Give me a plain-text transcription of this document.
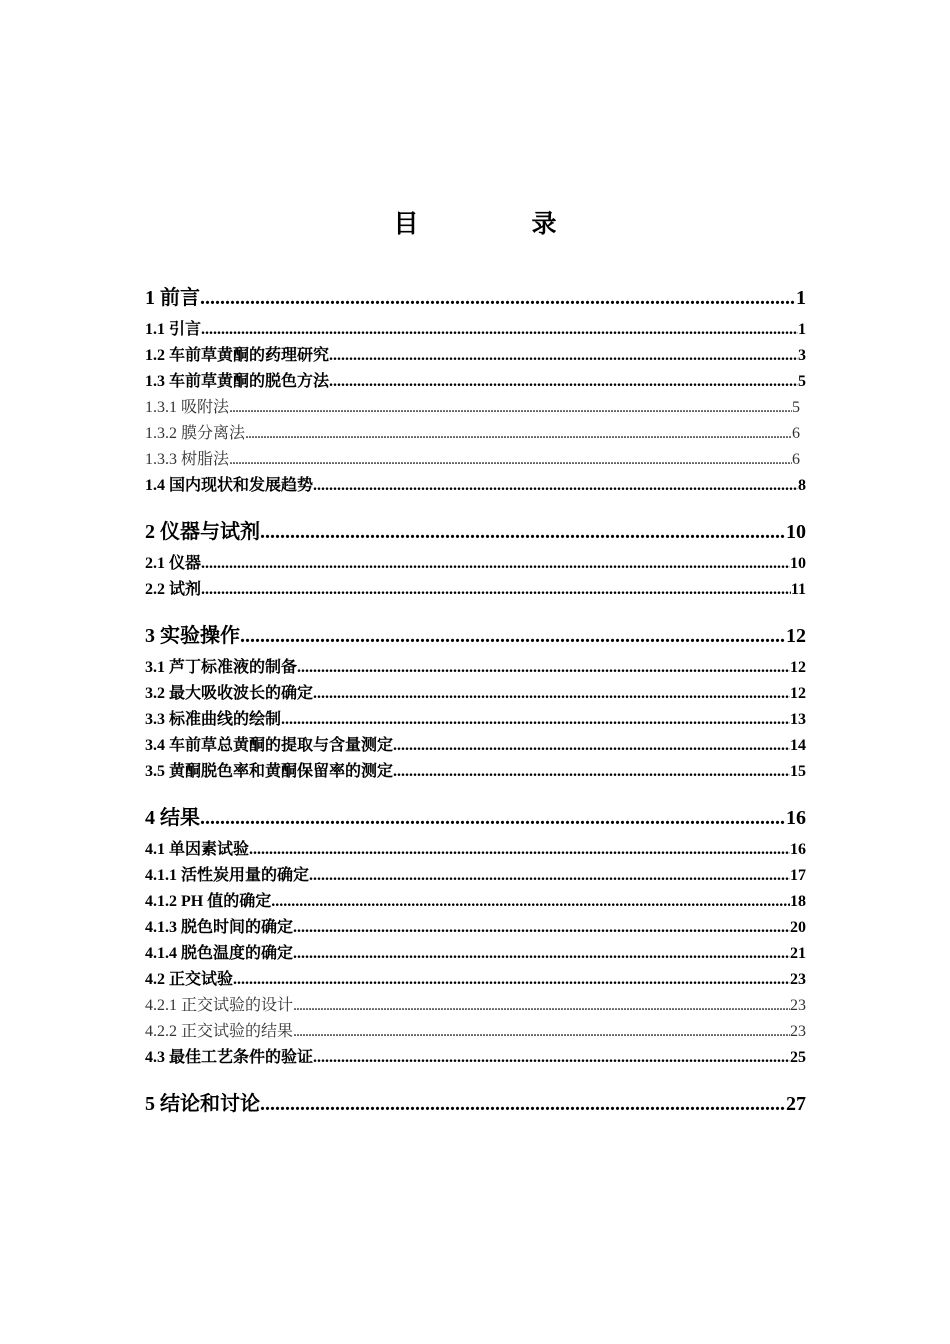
目　录
1 前言 .....	1
1.1 引言 .....	1
1.2 车前草黄酮的药理研究 .....	3
1.3 车前草黄酮的脱色方法 .....	5
1.3.1 吸附法 .....	5
1.3.2 膜分离法 .....	6
1.3.3 树脂法 .....	6
1.4 国内现状和发展趋势 .....	8
2 仪器与试剂 .....	10
2.1 仪器 .....	10
2.2 试剂 .....	11
3 实验操作 .....	12
3.1 芦丁标准液的制备 .....	12
3.2 最大吸收波长的确定 .....	12
3.3 标准曲线的绘制 .....	13
3.4 车前草总黄酮的提取与含量测定 .....	14
3.5 黄酮脱色率和黄酮保留率的测定 .....	15
4 结果 .....	16
4.1 单因素试验 .....	16
4.1.1 活性炭用量的确定 .....	17
4.1.2 PH 值的确定 .....	18
4.1.3 脱色时间的确定 .....	20
4.1.4 脱色温度的确定 .....	21
4.2 正交试验 .....	23
4.2.1 正交试验的设计 .....	23
4.2.2 正交试验的结果 .....	23
4.3 最佳工艺条件的验证 .....	25
5 结论和讨论 .....	27
